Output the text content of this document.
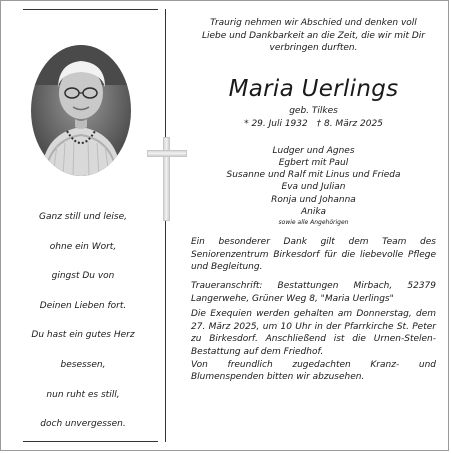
Ganz still und leise,
ohne ein Wort,
gingst Du von
Deinen Lieben fort.
Du hast ein gutes Herz
besessen,
nun ruht es still,
doch unvergessen.
Traurig nehmen wir Abschied und denken voll
Liebe und Dankbarkeit an die Zeit, die wir mit Dir
verbringen durften.
Maria Uerlings
geb. Tilkes
* 29. Juli 1932 † 8. März 2025
Ludger und Agnes
Egbert mit Paul
Susanne und Ralf mit Linus und Frieda
Eva und Julian
Ronja und Johanna
Anika
sowie alle Angehörigen
Ein besonderer Dank gilt dem Team des Seniorenzentrum Birkesdorf für die liebevolle Pflege und Begleitung.
Traueranschrift: Bestattungen Mirbach, 52379 Langerwehe, Grüner Weg 8, "Maria Uerlings"
Die Exequien werden gehalten am Donnerstag, dem 27. März 2025, um 10 Uhr in der Pfarrkirche St. Peter zu Birkesdorf. Anschließend ist die Urnen-Stelen-Bestattung auf dem Friedhof.
Von freundlich zugedachten Kranz- und Blumenspenden bitten wir abzusehen.
